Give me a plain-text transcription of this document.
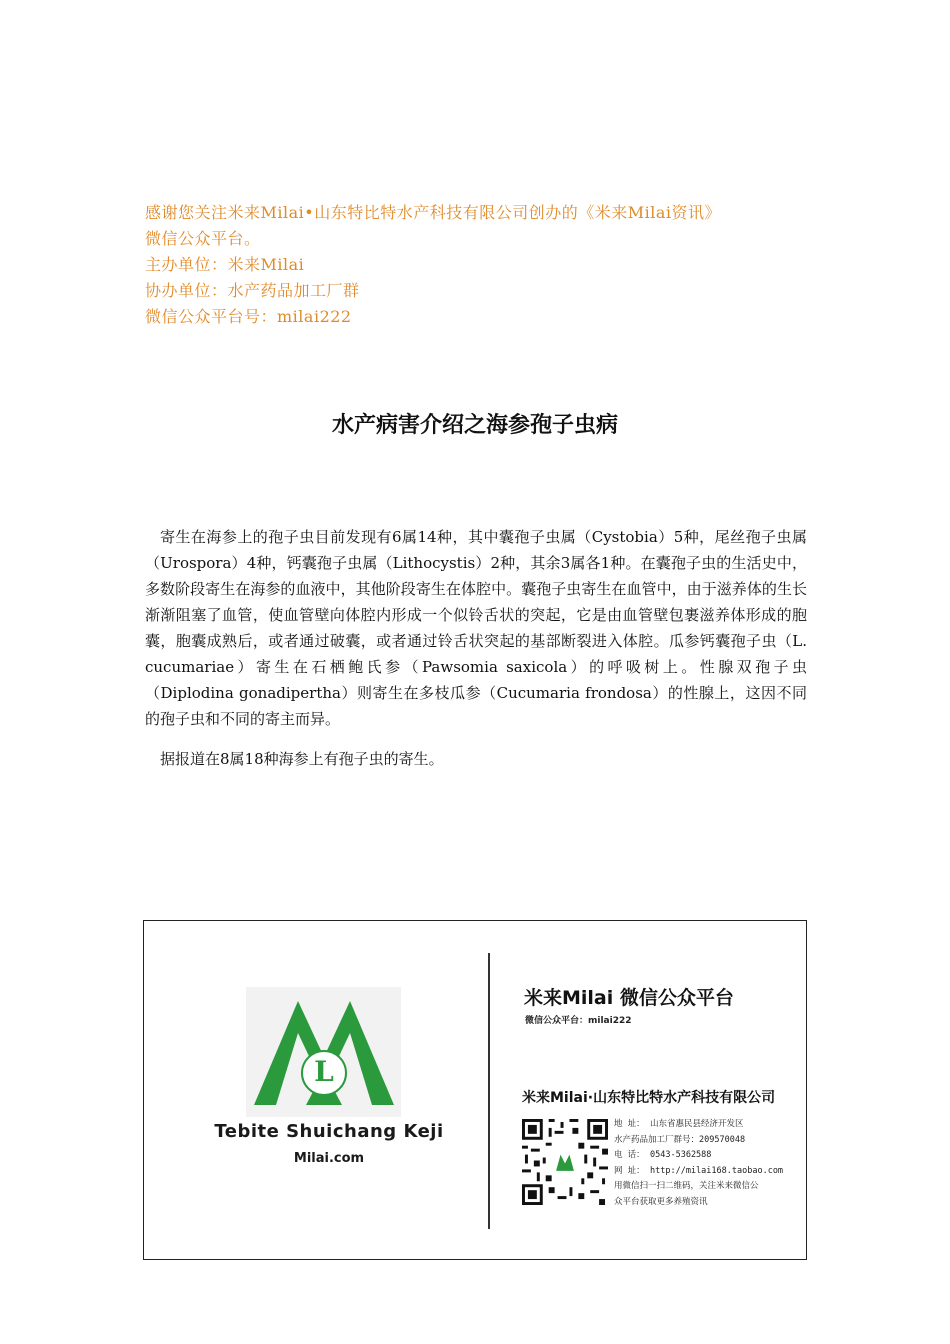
感谢您关注米来Milai•山东特比特水产科技有限公司创办的《米来Milai资讯》
微信公众平台。
主办单位：米来Milai
协办单位：水产药品加工厂群
微信公众平台号：milai222
水产病害介绍之海参孢子虫病
寄生在海参上的孢子虫目前发现有6属14种，其中囊孢子虫属（Cystobia）5种，尾丝孢子虫属（Urospora）4种，钙囊孢子虫属（Lithocystis）2种，其余3属各1种。在囊孢子虫的生活史中，多数阶段寄生在海参的血液中，其他阶段寄生在体腔中。囊孢子虫寄生在血管中，由于滋养体的生长渐渐阻塞了血管，使血管壁向体腔内形成一个似铃舌状的突起，它是由血管壁包裹滋养体形成的胞囊，胞囊成熟后，或者通过破囊，或者通过铃舌状突起的基部断裂进入体腔。瓜参钙囊孢子虫（L. cucumariae）寄生在石栖鲍氏参（Pawsomia saxicola）的呼吸树上。性腺双孢子虫（Diplodina gonadipertha）则寄生在多枝瓜参（Cucumaria frondosa）的性腺上，这因不同的孢子虫和不同的寄主而异。
据报道在8属18种海参上有孢子虫的寄生。
L
Tebite Shuichang Keji
Milai.com
米来Milai 微信公众平台
微信公众平台：milai222
米来Milai·山东特比特水产科技有限公司
地 址： 山东省惠民县经济开发区
水产药品加工厂群号：209570048
电 话： 0543-5362588
网 址： http://milai168.taobao.com
用微信扫一扫二维码，关注米来微信公
众平台获取更多养殖资讯
